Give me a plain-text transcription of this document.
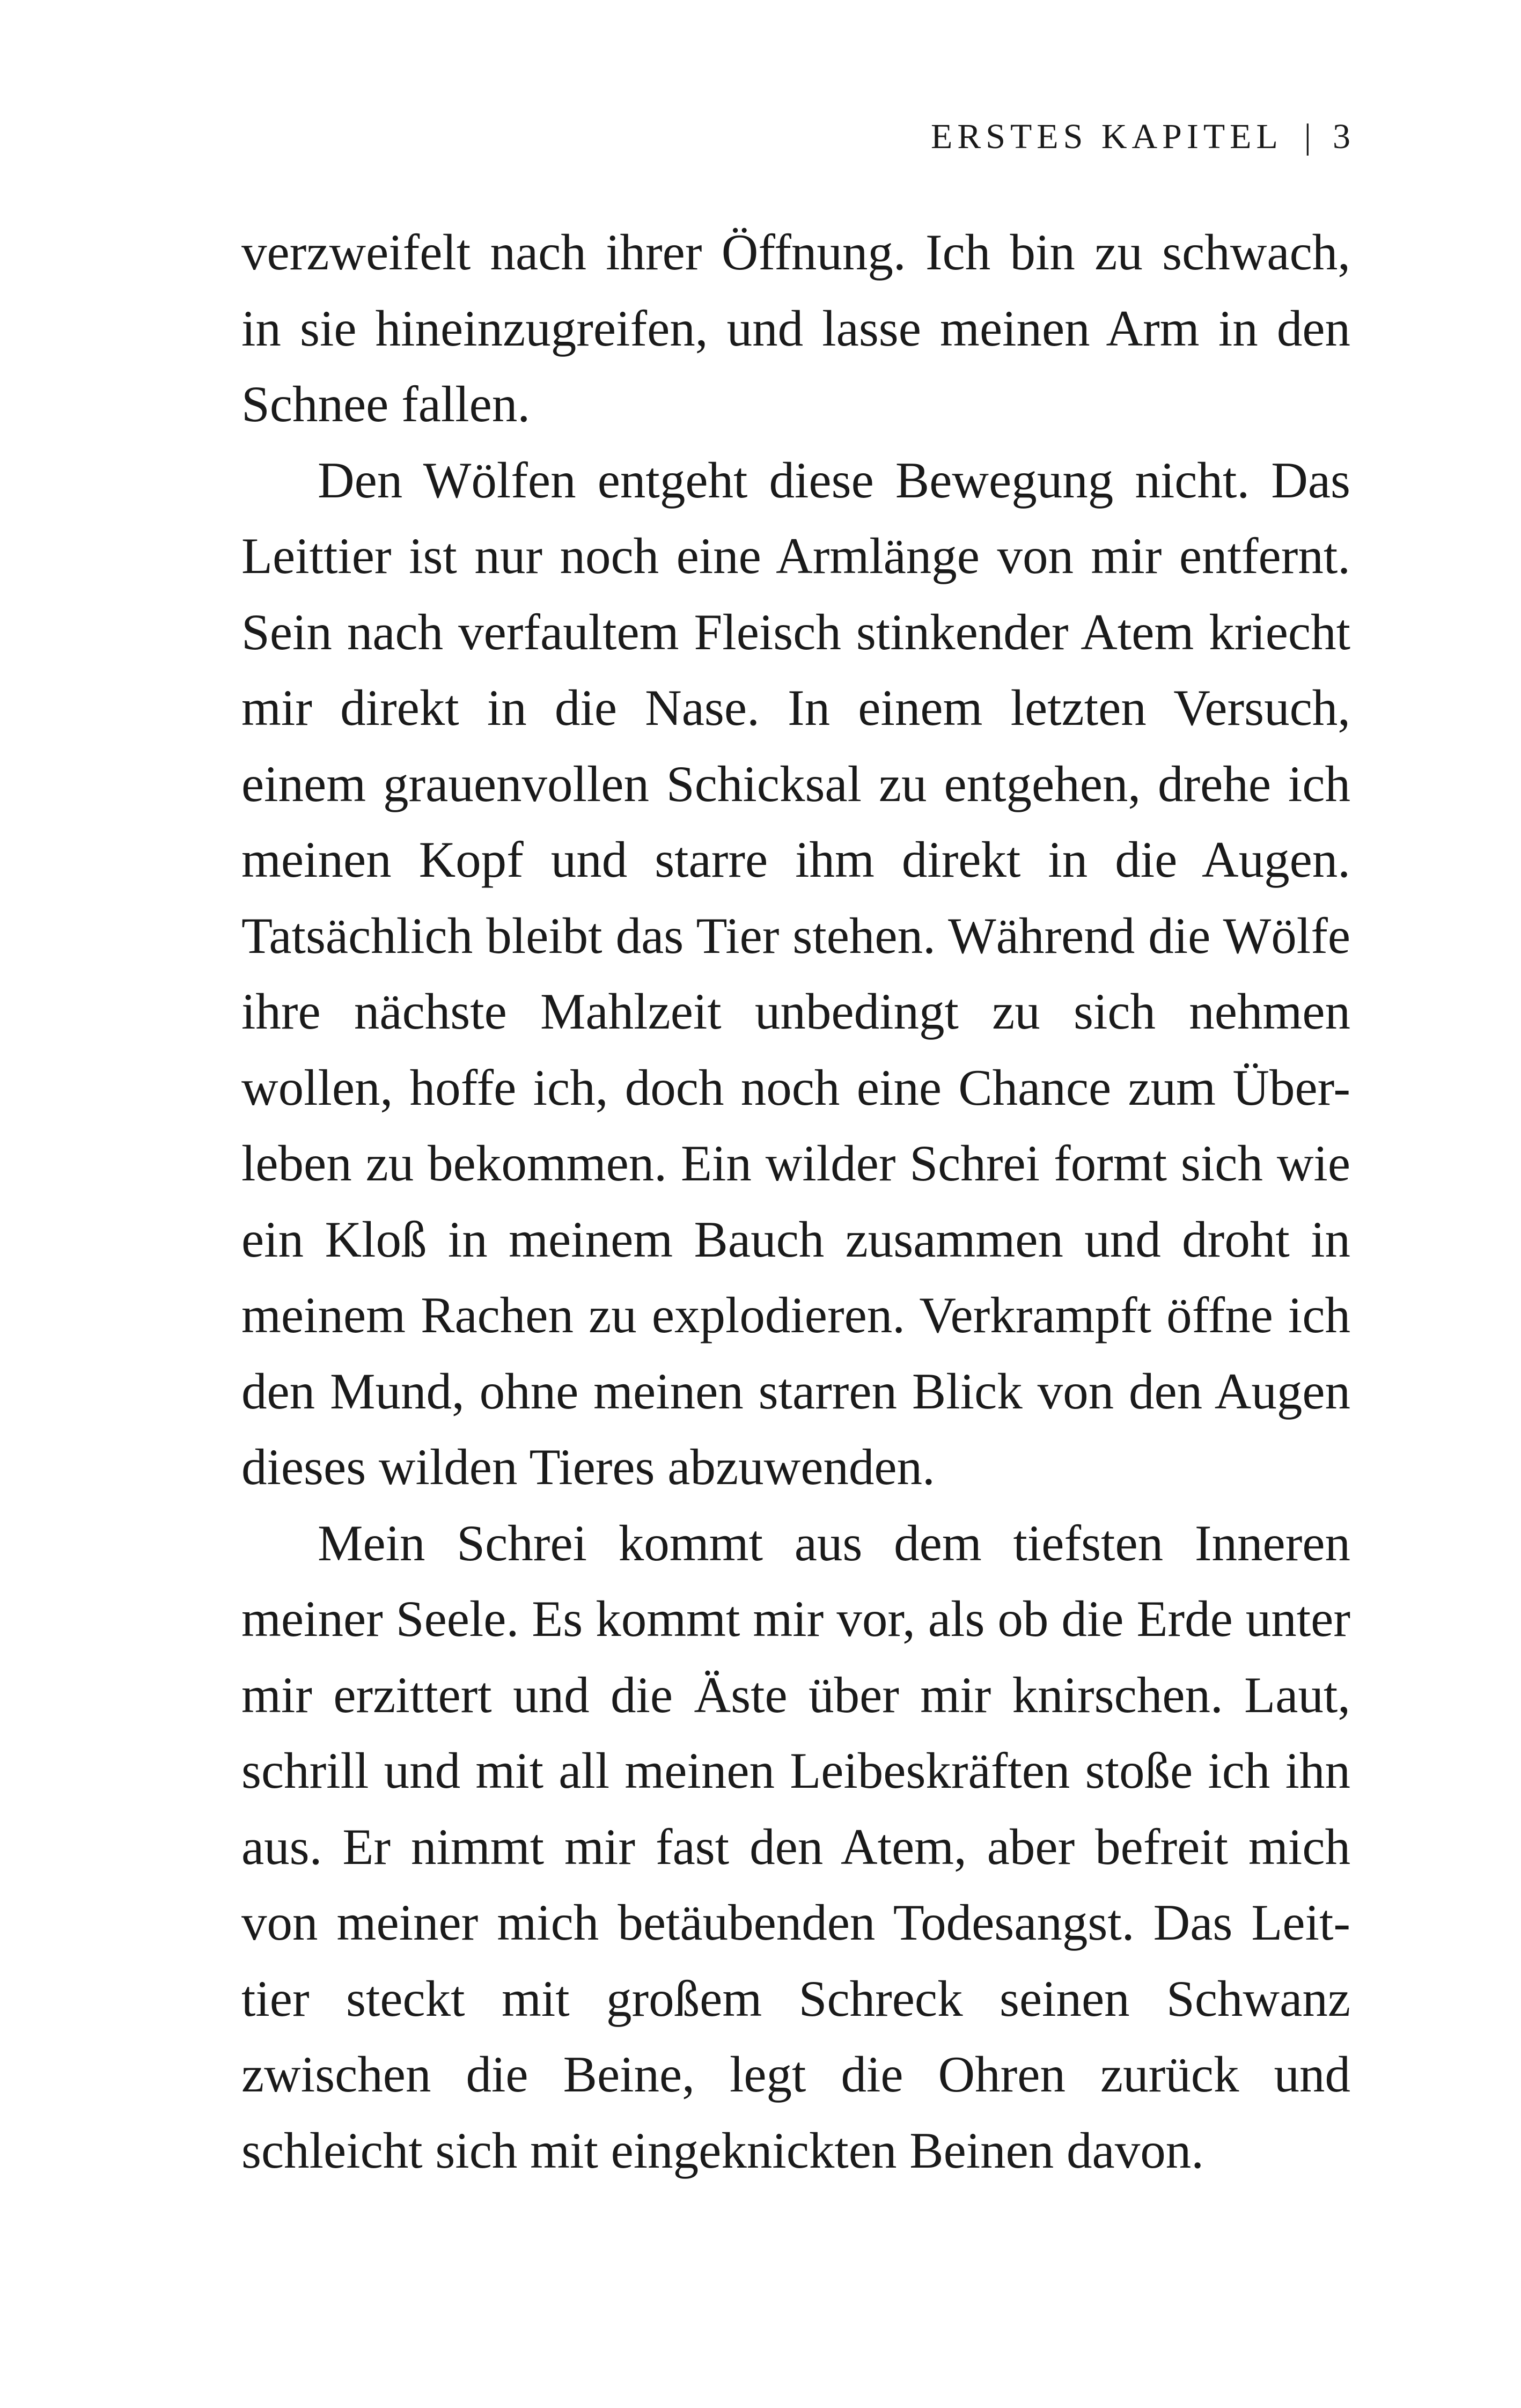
ERSTES KAPITEL | 3
verzweifelt nach ihrer Öffnung. Ich bin zu schwach,
in sie hineinzugreifen, und lasse meinen Arm in den
Schnee fallen.
Den Wölfen entgeht diese Bewegung nicht. Das
Leittier ist nur noch eine Armlänge von mir entfernt.
Sein nach verfaultem Fleisch stinkender Atem kriecht
mir direkt in die Nase. In einem letzten Versuch,
einem grauenvollen Schicksal zu entgehen, drehe ich
meinen Kopf und starre ihm direkt in die Augen.
Tatsächlich bleibt das Tier stehen. Während die Wölfe
ihre nächste Mahlzeit unbedingt zu sich nehmen
wollen, hoffe ich, doch noch eine Chance zum Über-
leben zu bekommen. Ein wilder Schrei formt sich wie
ein Kloß in meinem Bauch zusammen und droht in
meinem Rachen zu explodieren. Verkrampft öffne ich
den Mund, ohne meinen starren Blick von den Augen
dieses wilden Tieres abzuwenden.
Mein Schrei kommt aus dem tiefsten Inneren
meiner Seele. Es kommt mir vor, als ob die Erde unter
mir erzittert und die Äste über mir knirschen. Laut,
schrill und mit all meinen Leibeskräften stoße ich ihn
aus. Er nimmt mir fast den Atem, aber befreit mich
von meiner mich betäubenden Todesangst. Das Leit-
tier steckt mit großem Schreck seinen Schwanz
zwischen die Beine, legt die Ohren zurück und
schleicht sich mit eingeknickten Beinen davon.
